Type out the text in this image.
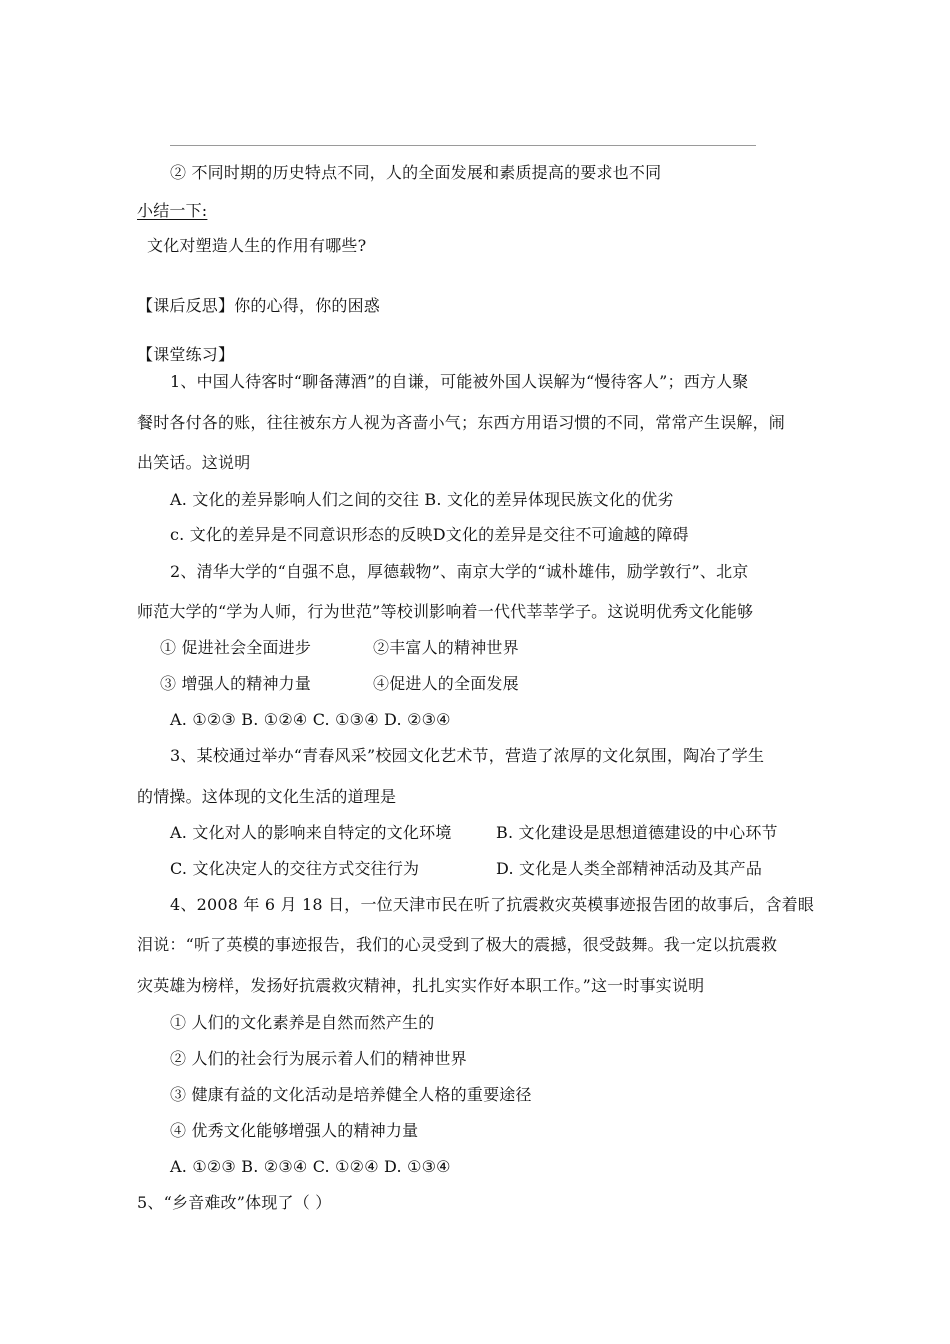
② 不同时期的历史特点不同，人的全面发展和素质提高的要求也不同
小结一下:
文化对塑造人生的作用有哪些?
【课后反思】你的心得，你的困惑
【课堂练习】
1、中国人待客时“聊备薄酒”的自谦，可能被外国人误解为“慢待客人”；西方人聚
餐时各付各的账，往往被东方人视为吝啬小气；东西方用语习惯的不同，常常产生误解，闹
出笑话。这说明
A. 文化的差异影响人们之间的交往 B. 文化的差异体现民族文化的优劣
c. 文化的差异是不同意识形态的反映D文化的差异是交往不可逾越的障碍
2、清华大学的“自强不息，厚德载物”、南京大学的“诚朴雄伟，励学敦行”、北京
师范大学的“学为人师，行为世范”等校训影响着一代代莘莘学子。这说明优秀文化能够
① 促进社会全面进步	②丰富人的精神世界
③ 增强人的精神力量	④促进人的全面发展
A. ①②③ B. ①②④ C. ①③④ D. ②③④
3、某校通过举办“青春风采”校园文化艺术节，营造了浓厚的文化氛围，陶冶了学生
的情操。这体现的文化生活的道理是
A. 文化对人的影响来自特定的文化环境	B. 文化建设是思想道德建设的中心环节
C. 文化决定人的交往方式交往行为	D. 文化是人类全部精神活动及其产品
4、2008 年 6 月 18 日，一位天津市民在听了抗震救灾英模事迹报告团的故事后，含着眼
泪说：“听了英模的事迹报告，我们的心灵受到了极大的震撼，很受鼓舞。我一定以抗震救
灾英雄为榜样，发扬好抗震救灾精神，扎扎实实作好本职工作。”这一时事实说明
① 人们的文化素养是自然而然产生的
② 人们的社会行为展示着人们的精神世界
③ 健康有益的文化活动是培养健全人格的重要途径
④ 优秀文化能够增强人的精神力量
A. ①②③ B. ②③④ C. ①②④ D. ①③④
5、“乡音难改”体现了（ ）
